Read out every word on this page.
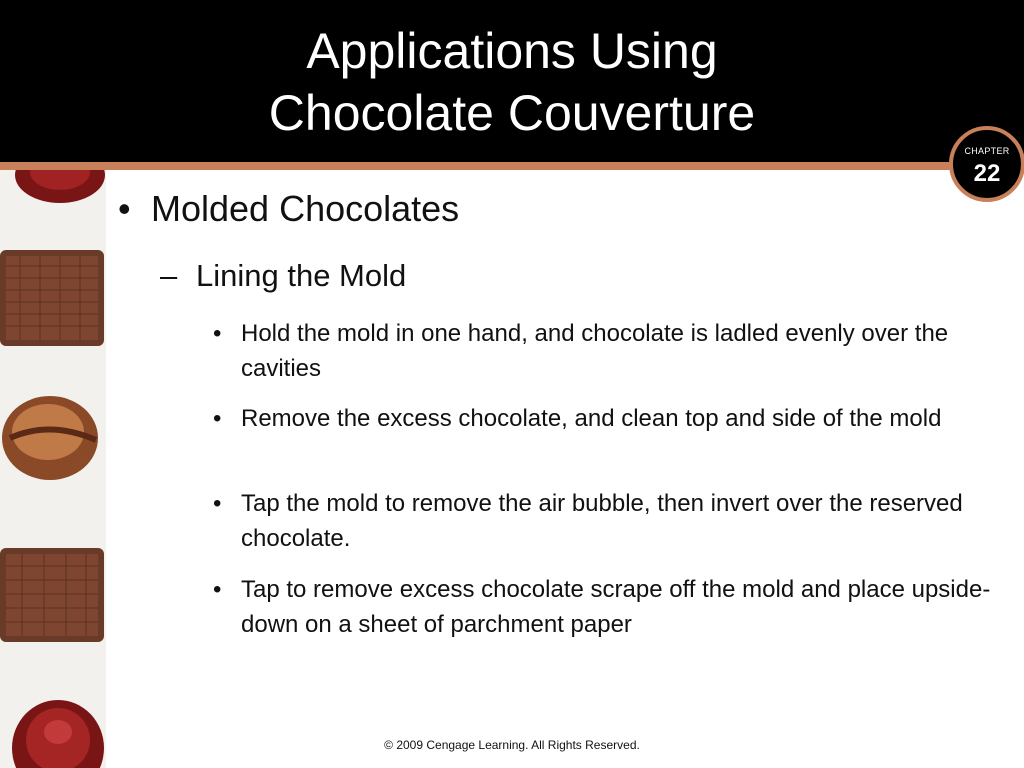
Applications Using
Chocolate Couverture
CHAPTER
22
• Molded Chocolates
– Lining the Mold
• Hold the mold in one hand, and chocolate is ladled evenly over the cavities
• Remove the excess chocolate, and clean top and side of the mold
• Tap the mold to remove the air bubble, then invert over the reserved chocolate.
• Tap to remove excess chocolate scrape off the mold and place upside-down on a sheet of parchment paper
© 2009 Cengage Learning. All Rights Reserved.
